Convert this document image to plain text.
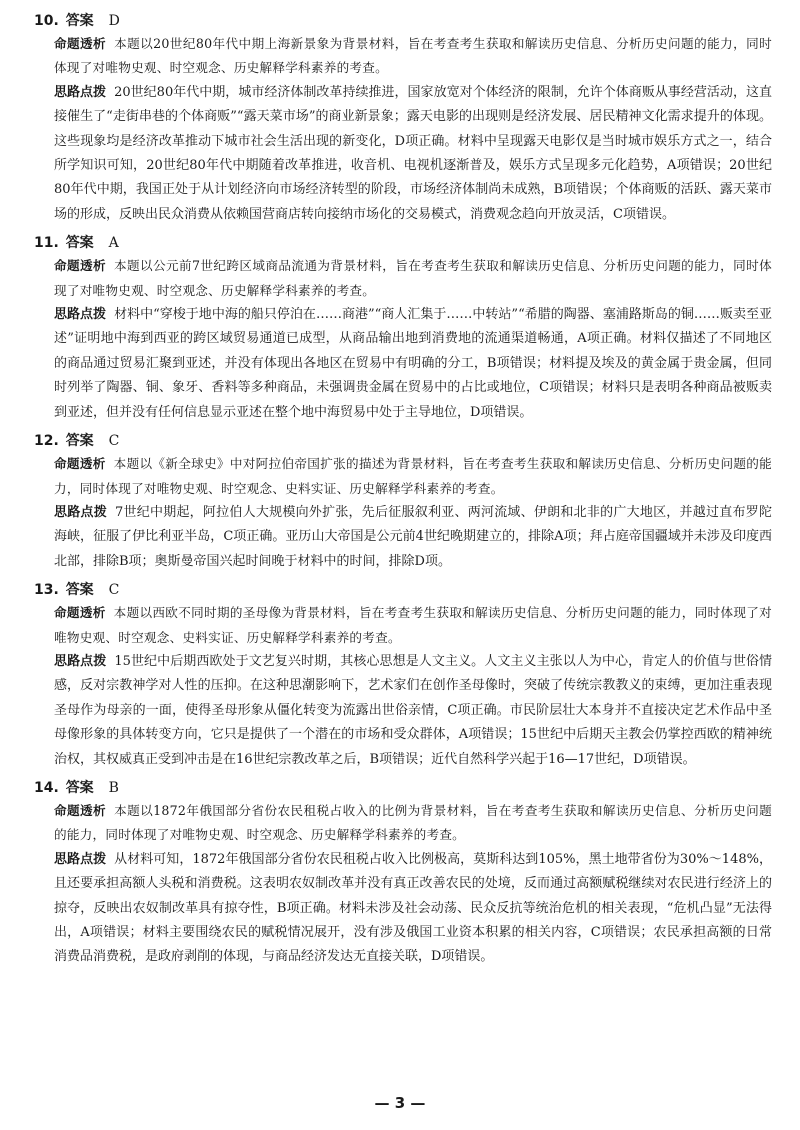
10. 答案 D

命题透析 本题以20世纪80年代中期上海新景象为背景材料，旨在考查考生获取和解读历史信息、分析历史问题的能力，同时体现了对唯物史观、时空观念、历史解释学科素养的考查。

思路点拨 20世纪80年代中期，城市经济体制改革持续推进，国家放宽对个体经济的限制，允许个体商贩从事经营活动，这直接催生了“走街串巷的个体商贩”“露天菜市场”的商业新景象；露天电影的出现则是经济发展、居民精神文化需求提升的体现。这些现象均是经济改革推动下城市社会生活出现的新变化，D项正确。材料中呈现露天电影仅是当时城市娱乐方式之一，结合所学知识可知，20世纪80年代中期随着改革推进，收音机、电视机逐渐普及，娱乐方式呈现多元化趋势，A项错误；20世纪80年代中期，我国正处于从计划经济向市场经济转型的阶段，市场经济体制尚未成熟，B项错误；个体商贩的活跃、露天菜市场的形成，反映出民众消费从依赖国营商店转向接纳市场化的交易模式，消费观念趋向开放灵活，C项错误。

11. 答案 A

命题透析 本题以公元前7世纪跨区域商品流通为背景材料，旨在考查考生获取和解读历史信息、分析历史问题的能力，同时体现了对唯物史观、时空观念、历史解释学科素养的考查。

思路点拨 材料中“穿梭于地中海的船只停泊在……商港”“商人汇集于……中转站”“希腊的陶器、塞浦路斯岛的铜……贩卖至亚述”证明地中海到西亚的跨区域贸易通道已成型，从商品输出地到消费地的流通渠道畅通，A项正确。材料仅描述了不同地区的商品通过贸易汇聚到亚述，并没有体现出各地区在贸易中有明确的分工，B项错误；材料提及埃及的黄金属于贵金属，但同时列举了陶器、铜、象牙、香料等多种商品，未强调贵金属在贸易中的占比或地位，C项错误；材料只是表明各种商品被贩卖到亚述，但并没有任何信息显示亚述在整个地中海贸易中处于主导地位，D项错误。

12. 答案 C

命题透析 本题以《新全球史》中对阿拉伯帝国扩张的描述为背景材料，旨在考查考生获取和解读历史信息、分析历史问题的能力，同时体现了对唯物史观、时空观念、史料实证、历史解释学科素养的考查。

思路点拨 7世纪中期起，阿拉伯人大规模向外扩张，先后征服叙利亚、两河流域、伊朗和北非的广大地区，并越过直布罗陀海峡，征服了伊比利亚半岛，C项正确。亚历山大帝国是公元前4世纪晚期建立的，排除A项；拜占庭帝国疆域并未涉及印度西北部，排除B项；奥斯曼帝国兴起时间晚于材料中的时间，排除D项。

13. 答案 C

命题透析 本题以西欧不同时期的圣母像为背景材料，旨在考查考生获取和解读历史信息、分析历史问题的能力，同时体现了对唯物史观、时空观念、史料实证、历史解释学科素养的考查。

思路点拨 15世纪中后期西欧处于文艺复兴时期，其核心思想是人文主义。人文主义主张以人为中心，肯定人的价值与世俗情感，反对宗教神学对人性的压抑。在这种思潮影响下，艺术家们在创作圣母像时，突破了传统宗教教义的束缚，更加注重表现圣母作为母亲的一面，使得圣母形象从僵化转变为流露出世俗亲情，C项正确。市民阶层壮大本身并不直接决定艺术作品中圣母像形象的具体转变方向，它只是提供了一个潜在的市场和受众群体，A项错误；15世纪中后期天主教会仍掌控西欧的精神统治权，其权威真正受到冲击是在16世纪宗教改革之后，B项错误；近代自然科学兴起于16—17世纪，D项错误。

14. 答案 B

命题透析 本题以1872年俄国部分省份农民租税占收入的比例为背景材料，旨在考查考生获取和解读历史信息、分析历史问题的能力，同时体现了对唯物史观、时空观念、历史解释学科素养的考查。

思路点拨 从材料可知，1872年俄国部分省份农民租税占收入比例极高，莫斯科达到105%，黑土地带省份为30%～148%，且还要承担高额人头税和消费税。这表明农奴制改革并没有真正改善农民的处境，反而通过高额赋税继续对农民进行经济上的掠夺，反映出农奴制改革具有掠夺性，B项正确。材料未涉及社会动荡、民众反抗等统治危机的相关表现，“危机凸显”无法得出，A项错误；材料主要围绕农民的赋税情况展开，没有涉及俄国工业资本积累的相关内容，C项错误；农民承担高额的日常消费品消费税，是政府剥削的体现，与商品经济发达无直接关联，D项错误。

— 3 —
